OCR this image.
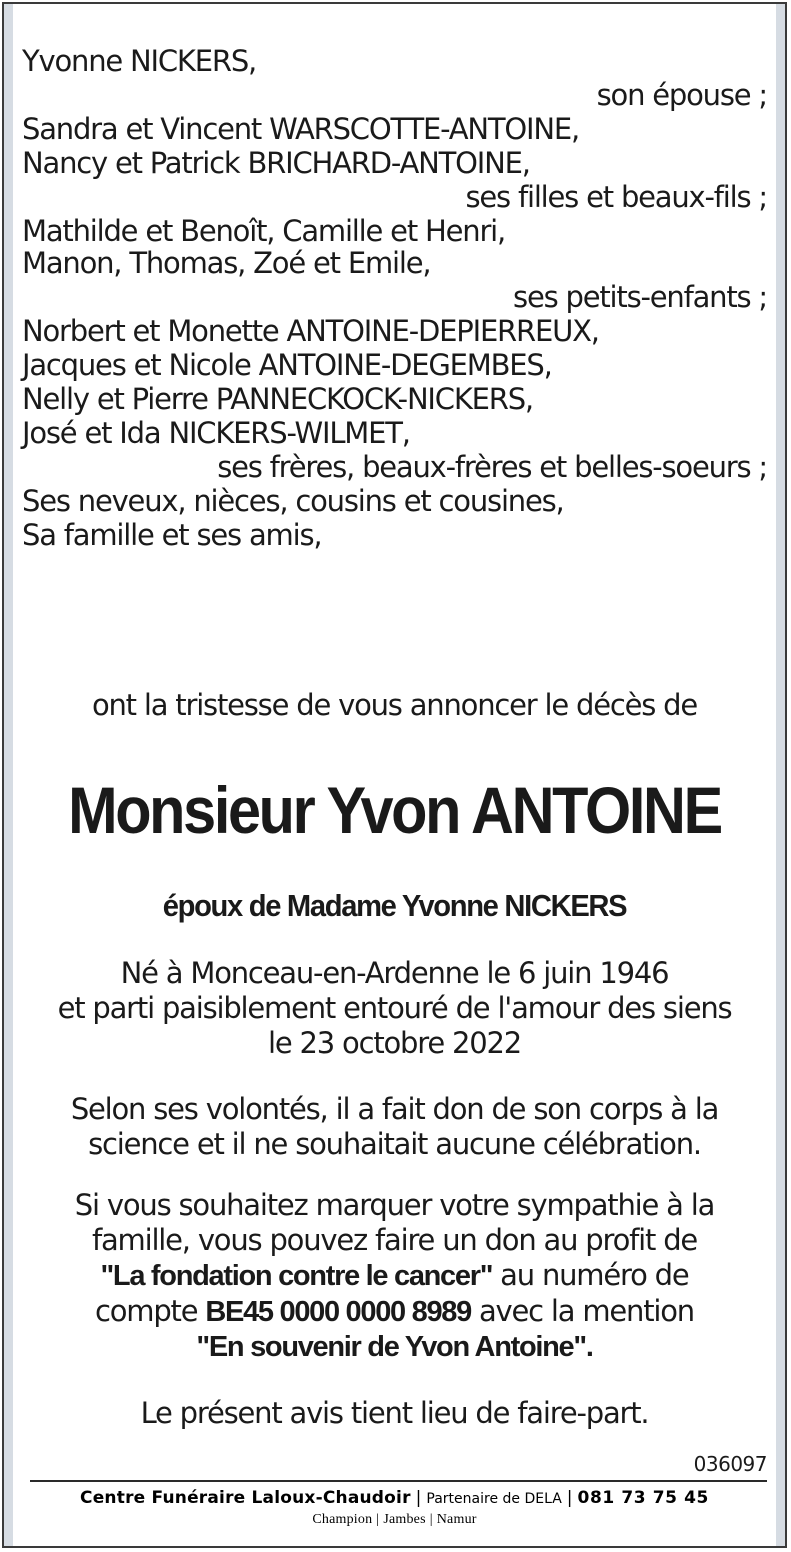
Yvonne NICKERS,
son épouse ;
Sandra et Vincent WARSCOTTE-ANTOINE,
Nancy et Patrick BRICHARD-ANTOINE,
ses filles et beaux-fils ;
Mathilde et Benoît, Camille et Henri,
Manon, Thomas, Zoé et Emile,
ses petits-enfants ;
Norbert et Monette ANTOINE-DEPIERREUX,
Jacques et Nicole ANTOINE-DEGEMBES,
Nelly et Pierre PANNECKOCK-NICKERS,
José et Ida NICKERS-WILMET,
ses frères, beaux-frères et belles-soeurs ;
Ses neveux, nièces, cousins et cousines,
Sa famille et ses amis,
ont la tristesse de vous annoncer le décès de
Monsieur Yvon ANTOINE
époux de Madame Yvonne NICKERS
Né à Monceau-en-Ardenne le 6 juin 1946
et parti paisiblement entouré de l'amour des siens
le 23 octobre 2022
Selon ses volontés, il a fait don de son corps à la
science et il ne souhaitait aucune célébration.
Si vous souhaitez marquer votre sympathie à la
famille, vous pouvez faire un don au profit de
"La fondation contre le cancer" au numéro de
compte BE45 0000 0000 8989 avec la mention
"En souvenir de Yvon Antoine".
Le présent avis tient lieu de faire-part.
036097
Centre Funéraire Laloux-Chaudoir | Partenaire de DELA | 081 73 75 45
Champion | Jambes | Namur
